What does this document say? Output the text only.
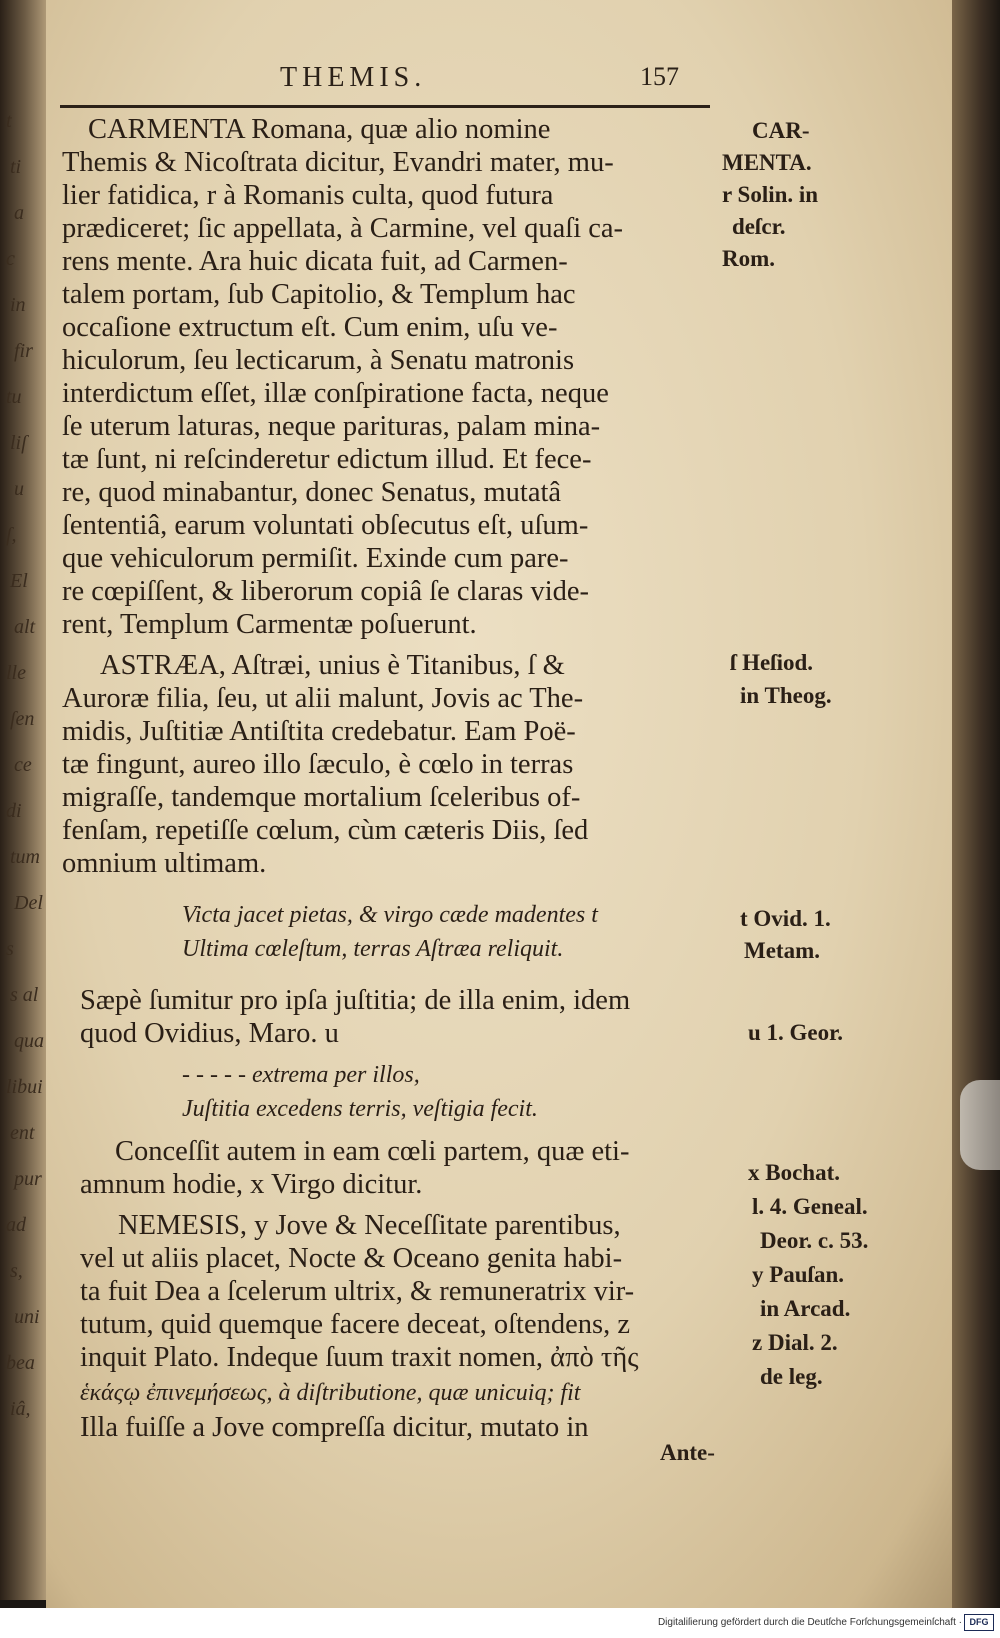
t
ti
a
c
in
fir
tu
liſ
u
ſ,
El
alt
lle
ſen
ce
di
tum
Del
s
s al
qua
libui
ent
pur
ad
s,
uni
bea
iâ,
THEMIS.	157
CARMENTA Romana, quæ alio nomine
Themis & Nicoſtrata dicitur, Evandri mater, mu-
lier fatidica, r à Romanis culta, quod futura
prædiceret; ſic appellata, à Carmine, vel quaſi ca-
rens mente. Ara huic dicata fuit, ad Carmen-
talem portam, ſub Capitolio, & Templum hac
occaſione extructum eſt. Cum enim, uſu ve-
hiculorum, ſeu lecticarum, à Senatu matronis
interdictum eſſet, illæ conſpiratione facta, neque
ſe uterum laturas, neque parituras, palam mina-
tæ ſunt, ni reſcinderetur edictum illud. Et fece-
re, quod minabantur, donec Senatus, mutatâ
ſententiâ, earum voluntati obſecutus eſt, uſum-
que vehiculorum permiſit. Exinde cum pare-
re cœpiſſent, & liberorum copiâ ſe claras vide-
rent, Templum Carmentæ poſuerunt.
ASTRÆA, Aſtræi, unius è Titanibus, ſ &
Auroræ filia, ſeu, ut alii malunt, Jovis ac The-
midis, Juſtitiæ Antiſtita credebatur. Eam Poë-
tæ fingunt, aureo illo ſæculo, è cœlo in terras
migraſſe, tandemque mortalium ſceleribus of-
fenſam, repetiſſe cœlum, cùm cæteris Diis, ſed
omnium ultimam.
Victa jacet pietas, & virgo cæde madentes t
Ultima cœleſtum, terras Aſtræa reliquit.
Sæpè ſumitur pro ipſa juſtitia; de illa enim, idem
quod Ovidius, Maro. u
- - - - - extrema per illos,
Juſtitia excedens terris, veſtigia fecit.
Conceſſit autem in eam cœli partem, quæ eti-
amnum hodie, x Virgo dicitur.
NEMESIS, y Jove & Neceſſitate parentibus,
vel ut aliis placet, Nocte & Oceano genita habi-
ta fuit Dea a ſcelerum ultrix, & remuneratrix vir-
tutum, quid quemque facere deceat, oſtendens, z
inquit Plato. Indeque ſuum traxit nomen, ἀπὸ τῆς
ἑκάςῳ ἐπινεμήσεως, à diſtributione, quæ unicuiq; fit
Illa fuiſſe a Jove compreſſa dicitur, mutato in
Ante-
CAR-
MENTA.
r Solin. in
deſcr.
Rom.
ſ Heſiod.
in Theog.
t Ovid. 1.
Metam.
u 1. Geor.
x Bochat.
l. 4. Geneal.
Deor. c. 53.
y Pauſan.
in Arcad.
z Dial. 2.
de leg.
Digitaliſierung gefördert durch die Deutſche Forſchungsgemeinſchaft · DFG
